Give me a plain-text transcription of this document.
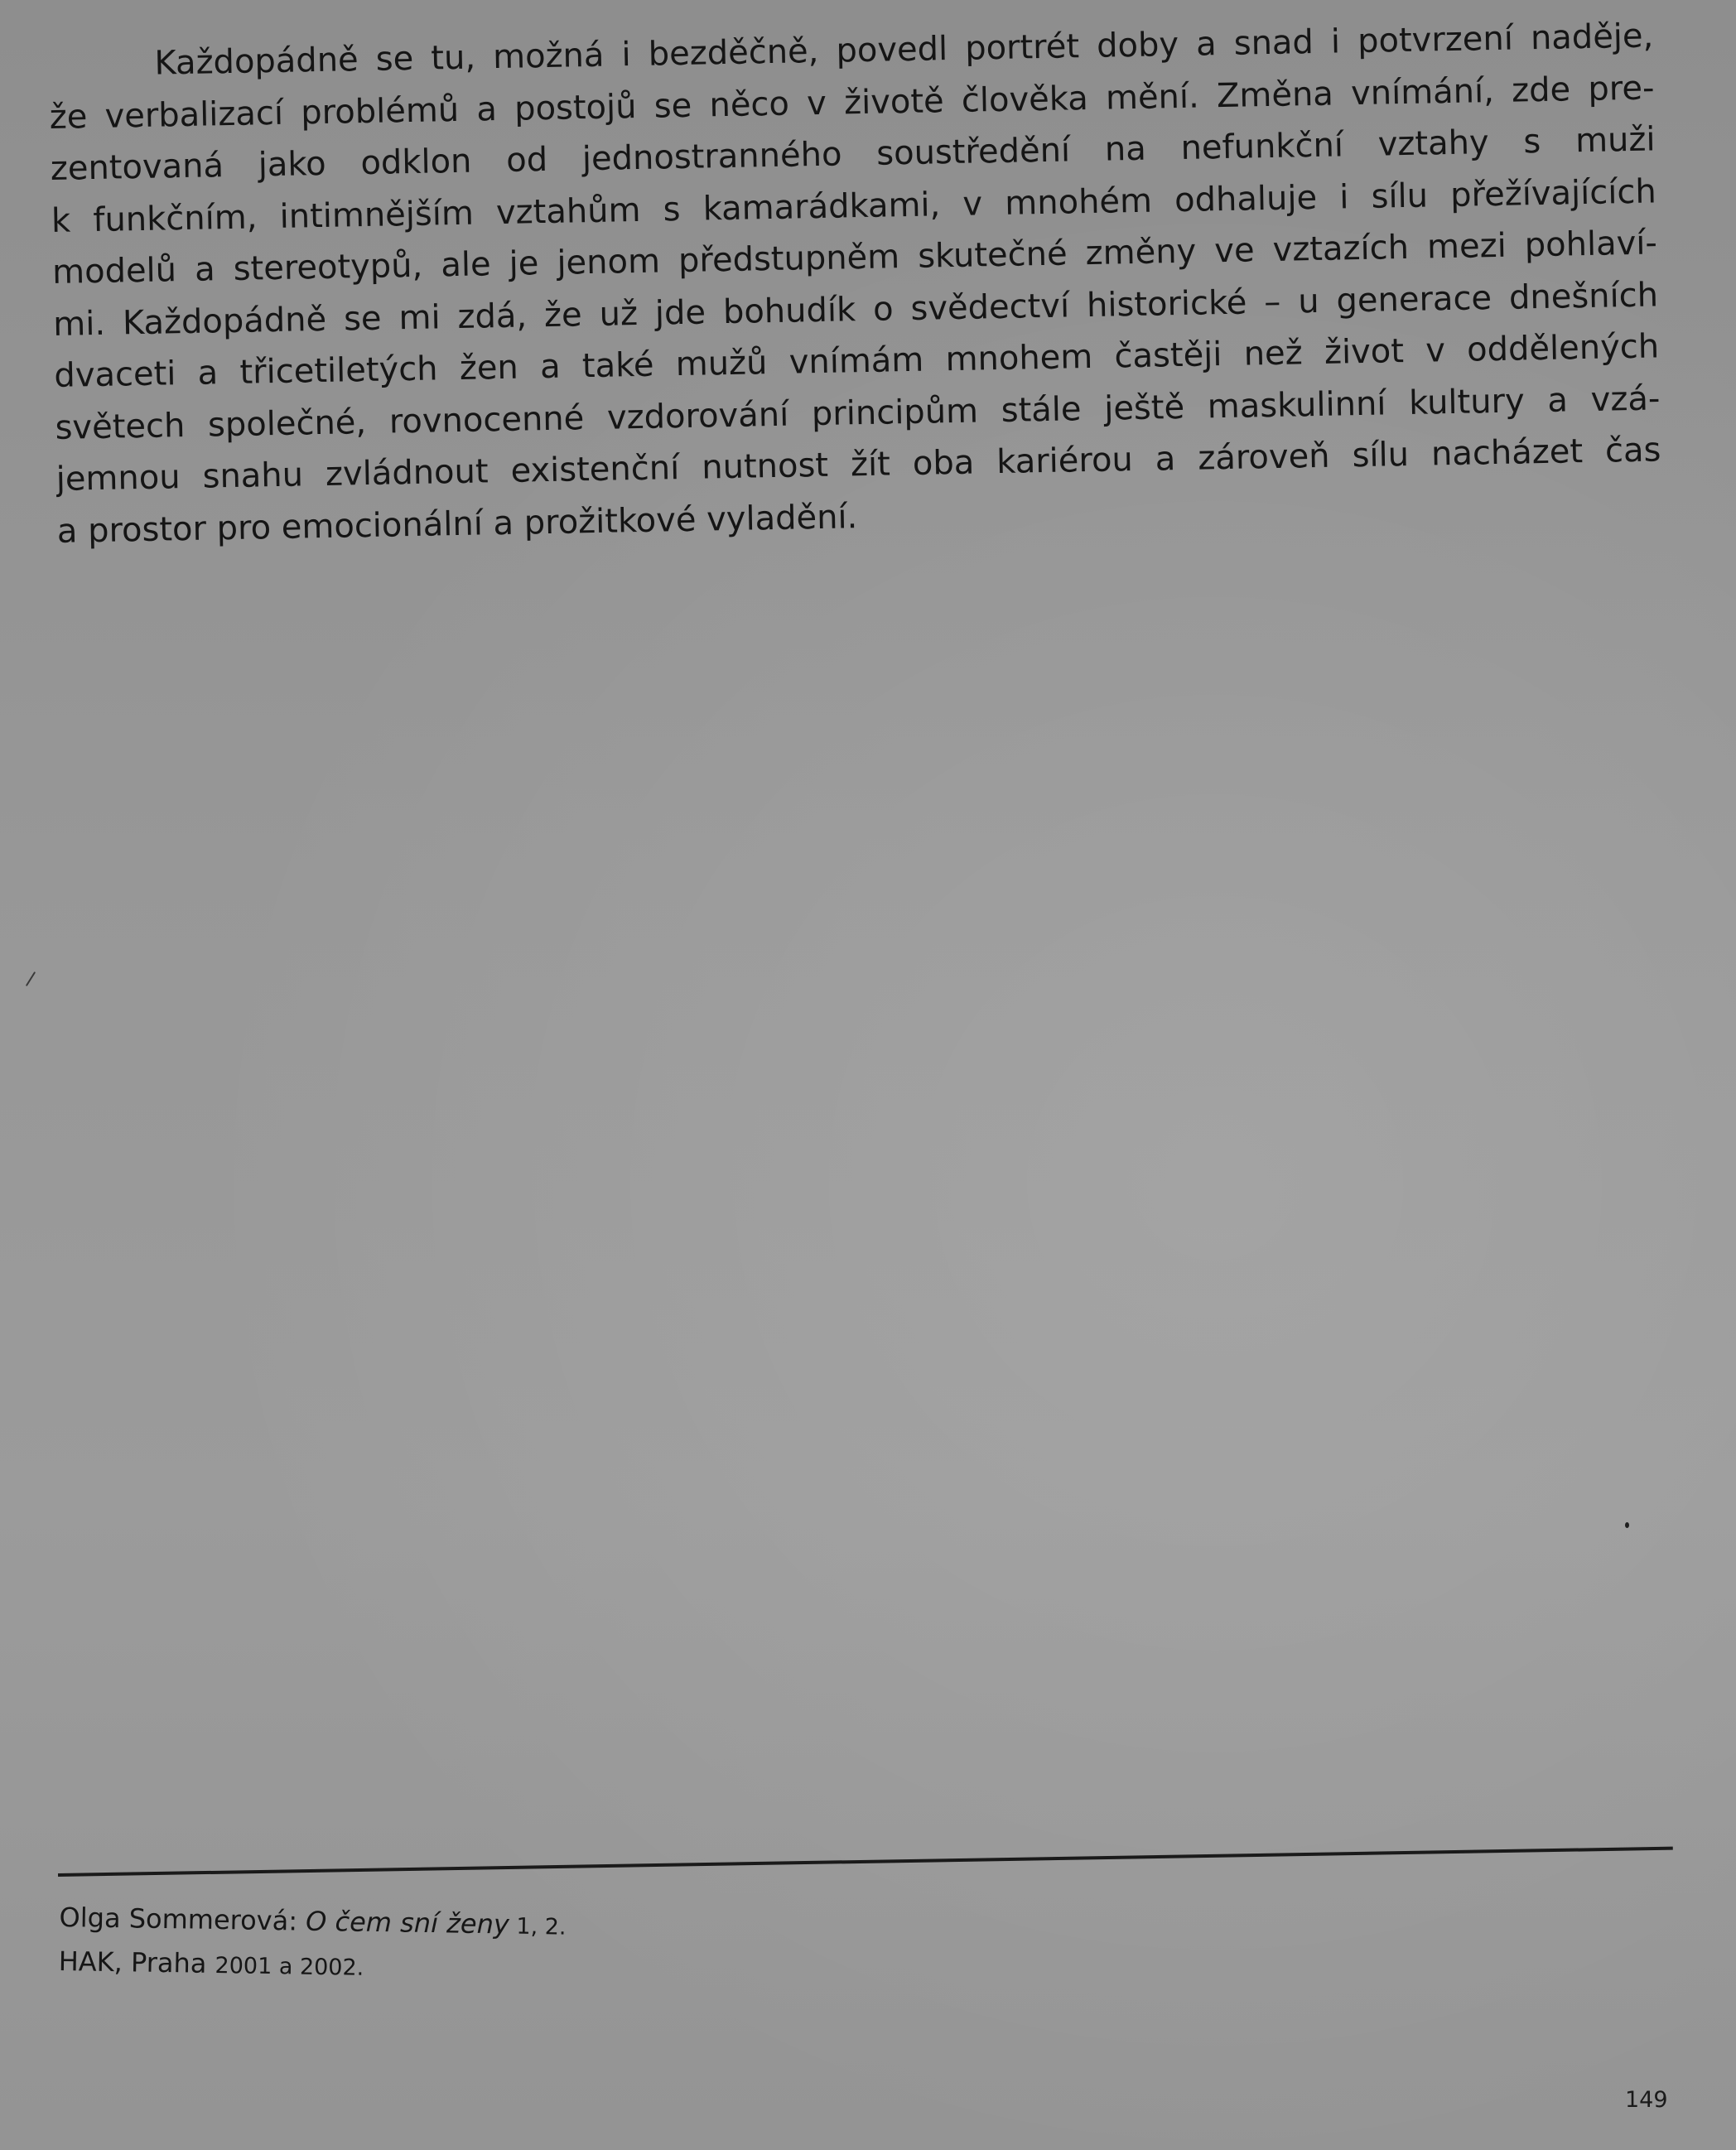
Každopádně se tu, možná i bezděčně, povedl portrét doby a snad i potvrzení naděje,
že verbalizací problémů a postojů se něco v životě člověka mění. Změna vnímání, zde pre-
zentovaná jako odklon od jednostranného soustředění na nefunkční vztahy s muži
k funkčním, intimnějším vztahům s kamarádkami, v mnohém odhaluje i sílu přežívajících
modelů a stereotypů, ale je jenom předstupněm skutečné změny ve vztazích mezi pohlaví-
mi. Každopádně se mi zdá, že už jde bohudík o svědectví historické – u generace dnešních
dvaceti a třicetiletých žen a také mužů vnímám mnohem častěji než život v oddělených
světech společné, rovnocenné vzdorování principům stále ještě maskulinní kultury a vzá-
jemnou snahu zvládnout existenční nutnost žít oba kariérou a zároveň sílu nacházet čas
a prostor pro emocionální a prožitkové vyladění.
Olga Sommerová: O čem sní ženy 1, 2.
HAK, Praha 2001 a 2002.
149
